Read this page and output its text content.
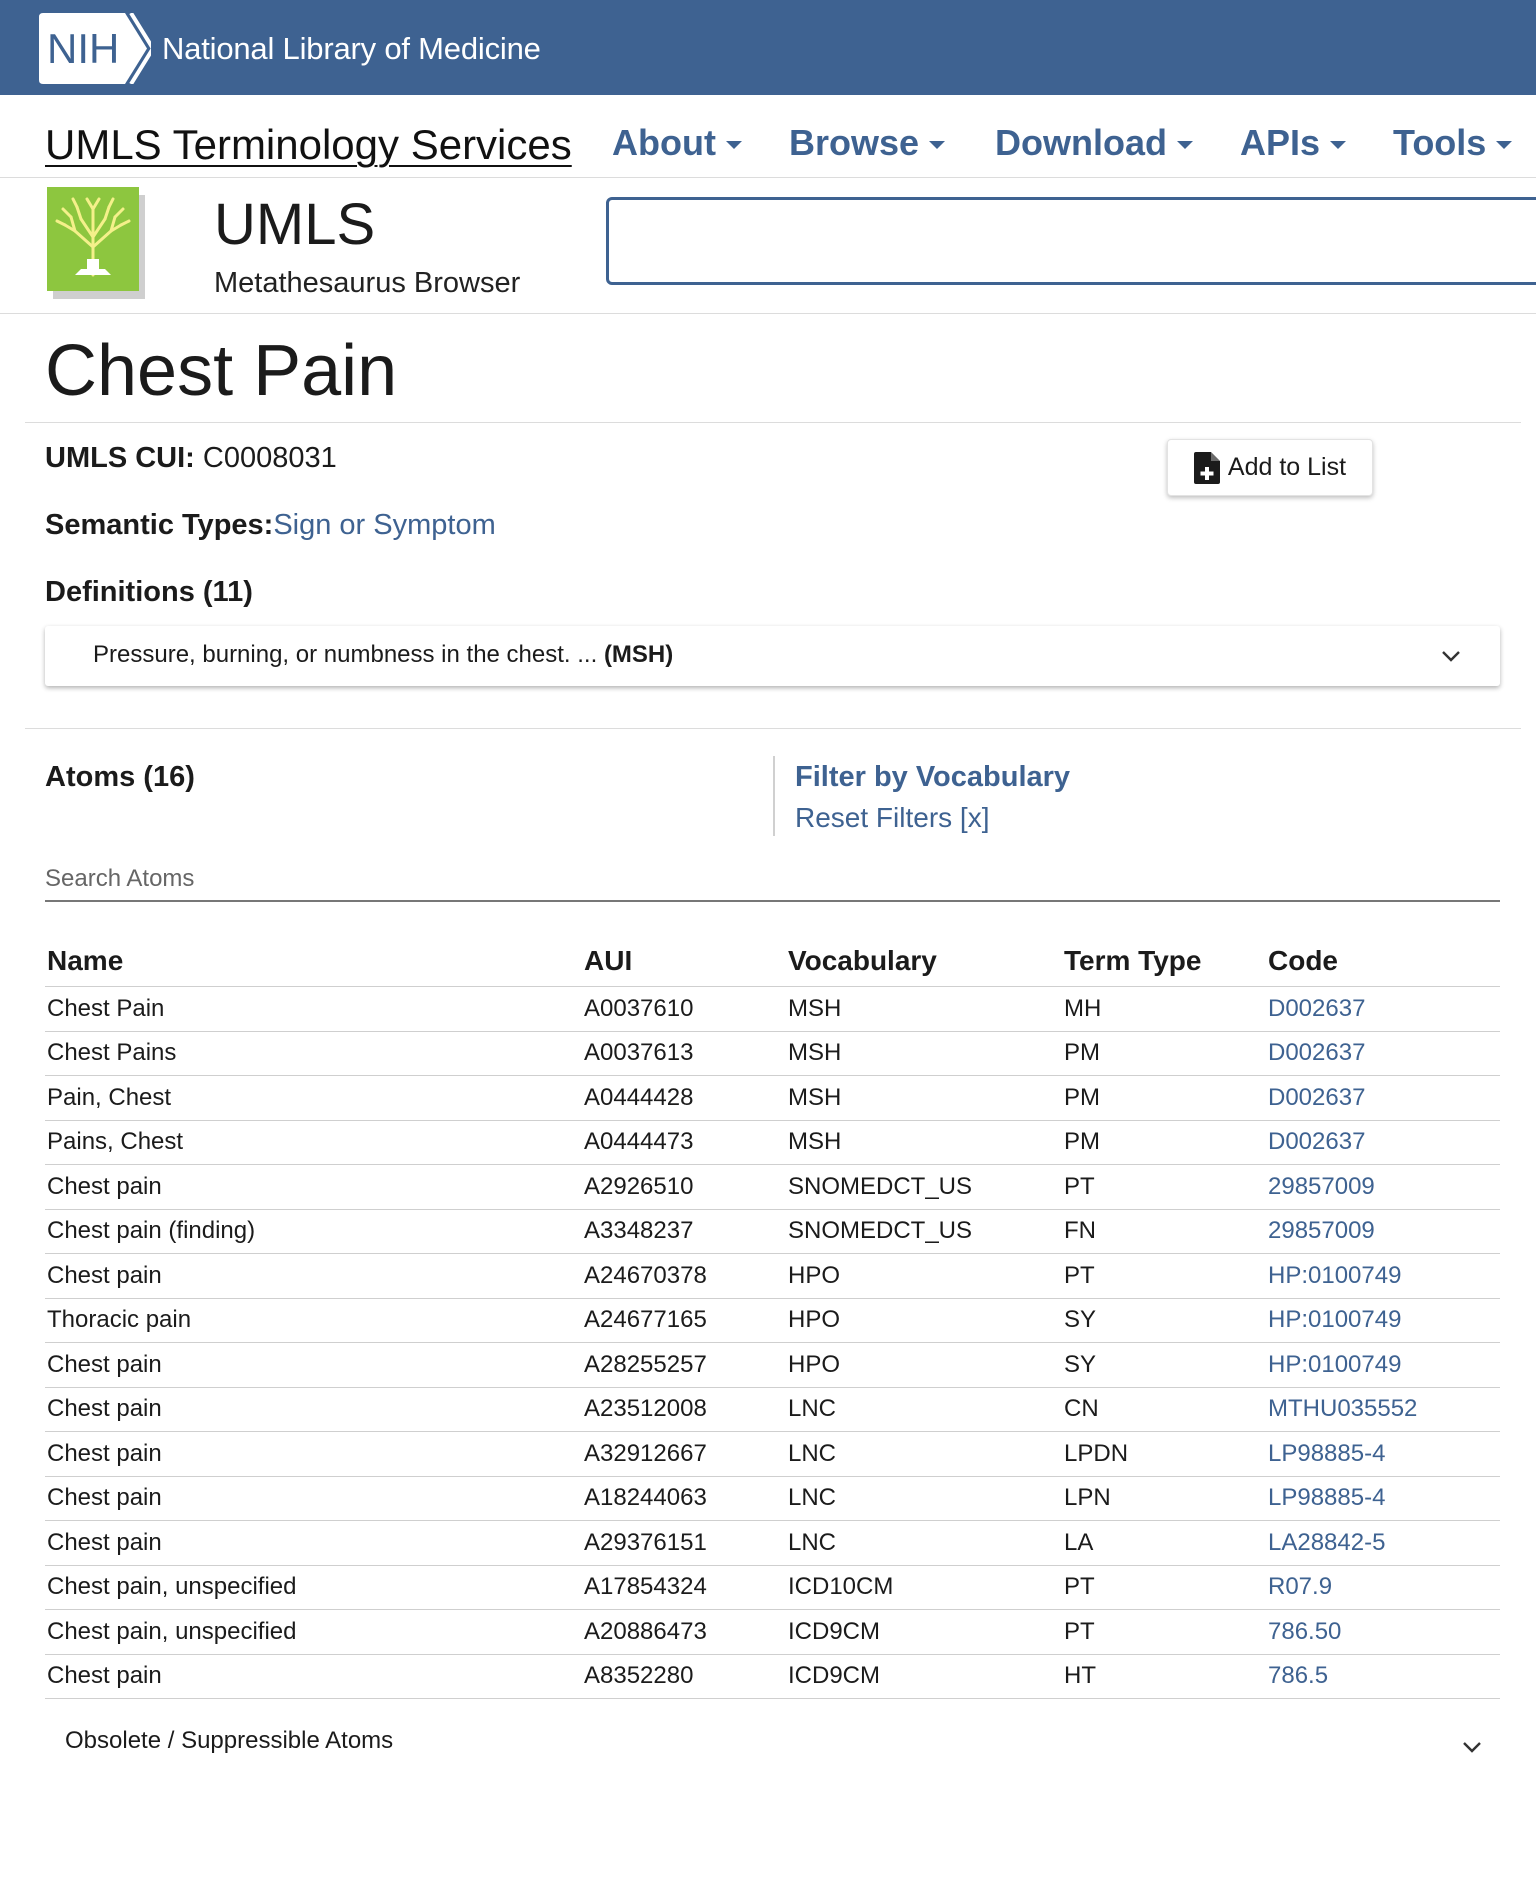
NIH National Library of Medicine
UMLS Terminology Services About Browse Download APIs Tools
UMLS
Metathesaurus Browser
Chest Pain
UMLS CUI: C0008031	Add to List
Semantic Types:Sign or Symptom
Definitions (11)
Pressure, burning, or numbness in the chest. ... (MSH)
Atoms (16)	Filter by Vocabulary
Reset Filters [x]
Search Atoms
Name	AUI	Vocabulary	Term Type	Code
Chest Pain	A0037610	MSH	MH	D002637
Chest Pains	A0037613	MSH	PM	D002637
Pain, Chest	A0444428	MSH	PM	D002637
Pains, Chest	A0444473	MSH	PM	D002637
Chest pain	A2926510	SNOMEDCT_US	PT	29857009
Chest pain (finding)	A3348237	SNOMEDCT_US	FN	29857009
Chest pain	A24670378	HPO	PT	HP:0100749
Thoracic pain	A24677165	HPO	SY	HP:0100749
Chest pain	A28255257	HPO	SY	HP:0100749
Chest pain	A23512008	LNC	CN	MTHU035552
Chest pain	A32912667	LNC	LPDN	LP98885-4
Chest pain	A18244063	LNC	LPN	LP98885-4
Chest pain	A29376151	LNC	LA	LA28842-5
Chest pain, unspecified	A17854324	ICD10CM	PT	R07.9
Chest pain, unspecified	A20886473	ICD9CM	PT	786.50
Chest pain	A8352280	ICD9CM	HT	786.5
Obsolete / Suppressible Atoms
